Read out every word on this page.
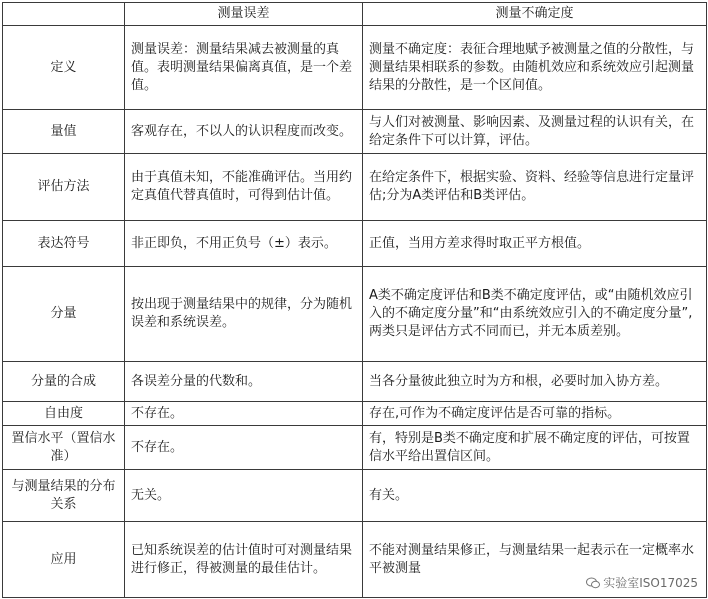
	测量误差	测量不确定度
定义	测量误差：测量结果减去被测量的真值。表明测量结果偏离真值，是一个差值。	测量不确定度：表征合理地赋予被测量之值的分散性，与测量结果相联系的参数。由随机效应和系统效应引起测量结果的分散性，是一个区间值。
量值	客观存在，不以人的认识程度而改变。	与人们对被测量、影响因素、及测量过程的认识有关，在给定条件下可以计算，评估。
评估方法	由于真值未知，不能准确评估。当用约定真值代替真值时，可得到估计值。	在给定条件下，根据实验、资料、经验等信息进行定量评估;分为A类评估和B类评估。
表达符号	非正即负，不用正负号（±）表示。	正值，当用方差求得时取正平方根值。
分量	按出现于测量结果中的规律，分为随机误差和系统误差。	A类不确定度评估和B类不确定度评估，或“由随机效应引入的不确定度分量”和“由系统效应引入的不确定度分量”,两类只是评估方式不同而已，并无本质差别。
分量的合成	各误差分量的代数和。	当各分量彼此独立时为方和根，必要时加入协方差。
自由度	不存在。	存在,可作为不确定度评估是否可靠的指标。
置信水平（置信水准）	不存在。	有，特别是B类不确定度和扩展不确定度的评估，可按置信水平给出置信区间。
与测量结果的分布关系	无关。	有关。
应用	已知系统误差的估计值时可对测量结果进行修正，得被测量的最佳估计。	不能对测量结果修正，与测量结果一起表示在一定概率水平被测量
实验室ISO17025
